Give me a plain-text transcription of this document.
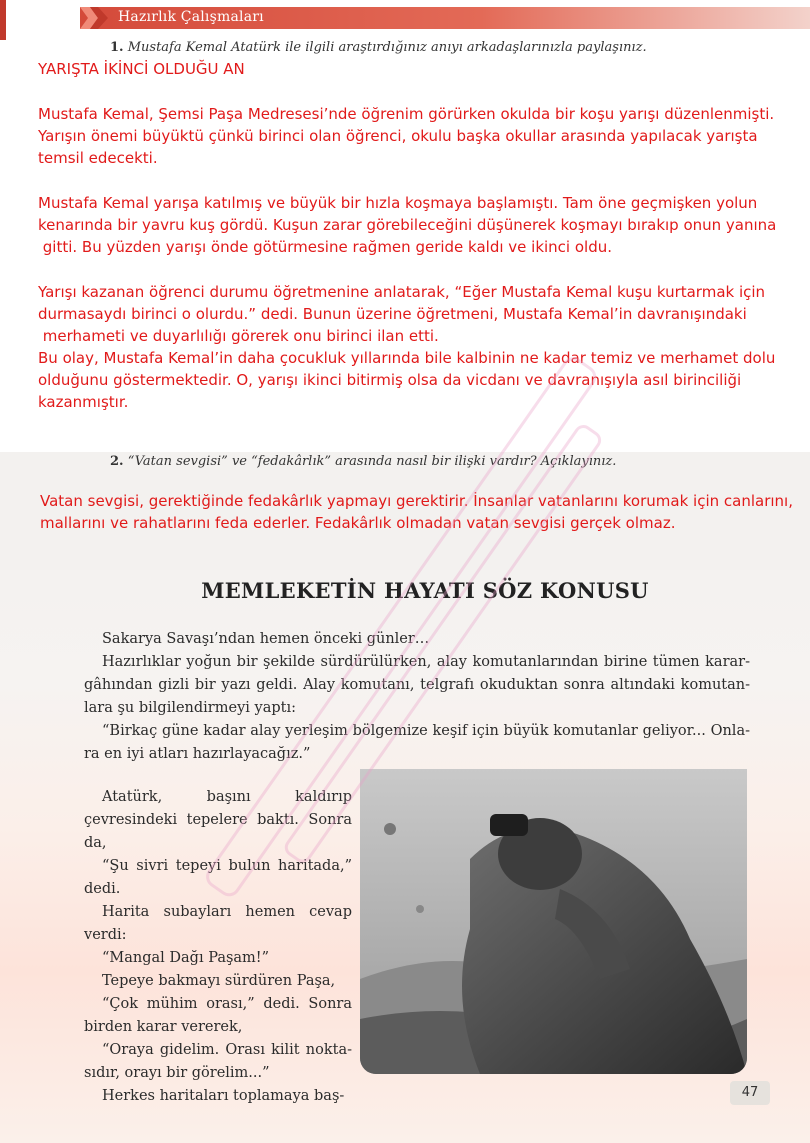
Hazırlık Çalışmaları
1. Mustafa Kemal Atatürk ile ilgili araştırdığınız anıyı arkadaşlarınızla paylaşınız.
YARIŞTA İKİNCİ OLDUĞU AN
Mustafa Kemal, Şemsi Paşa Medresesi’nde öğrenim görürken okulda bir koşu yarışı düzenlenmişti.
Yarışın önemi büyüktü çünkü birinci olan öğrenci, okulu başka okullar arasında yapılacak yarışta
temsil edecekti.
Mustafa Kemal yarışa katılmış ve büyük bir hızla koşmaya başlamıştı. Tam öne geçmişken yolun
kenarında bir yavru kuş gördü. Kuşun zarar görebileceğini düşünerek koşmayı bırakıp onun yanına
gitti. Bu yüzden yarışı önde götürmesine rağmen geride kaldı ve ikinci oldu.
Yarışı kazanan öğrenci durumu öğretmenine anlatarak, “Eğer Mustafa Kemal kuşu kurtarmak için
durmasaydı birinci o olurdu.” dedi. Bunun üzerine öğretmeni, Mustafa Kemal’in davranışındaki
merhameti ve duyarlılığı görerek onu birinci ilan etti.
Bu olay, Mustafa Kemal’in daha çocukluk yıllarında bile kalbinin ne kadar temiz ve merhamet dolu
olduğunu göstermektedir. O, yarışı ikinci bitirmiş olsa da vicdanı ve davranışıyla asıl birinciliği
kazanmıştır.
2. “Vatan sevgisi” ve “fedakârlık” arasında nasıl bir ilişki vardır? Açıklayınız.
Vatan sevgisi, gerektiğinde fedakârlık yapmayı gerektirir. İnsanlar vatanlarını korumak için canlarını,
mallarını ve rahatlarını feda ederler. Fedakârlık olmadan vatan sevgisi gerçek olmaz.
MEMLEKETİN HAYATI SÖZ KONUSU

Sakarya Savaşı’ndan hemen önceki günler…

Hazırlıklar yoğun bir şekilde sürdürülürken, alay komutanlarından birine tümen karargâhından gizli bir yazı geldi. Alay komutanı, telgrafı okuduktan sonra altındaki komutanlara şu bilgilendirmeyi yaptı:

“Birkaç güne kadar alay yerleşim bölgemize keşif için büyük komutanlar geliyor... Onlara en iyi atları hazırlayacağız.”

Atatürk, başını kaldırıp çevresindeki tepelere baktı. Sonra da,

“Şu sivri tepeyi bulun haritada,” dedi.

Harita subayları hemen cevap verdi:

“Mangal Dağı Paşam!”

Tepeye bakmayı sürdüren Paşa,

“Çok mühim orası,” dedi. Sonra birden karar vererek,

“Oraya gidelim. Orası kilit noktasıdır, orayı bir görelim...”

Herkes haritaları toplamaya baş-	47
